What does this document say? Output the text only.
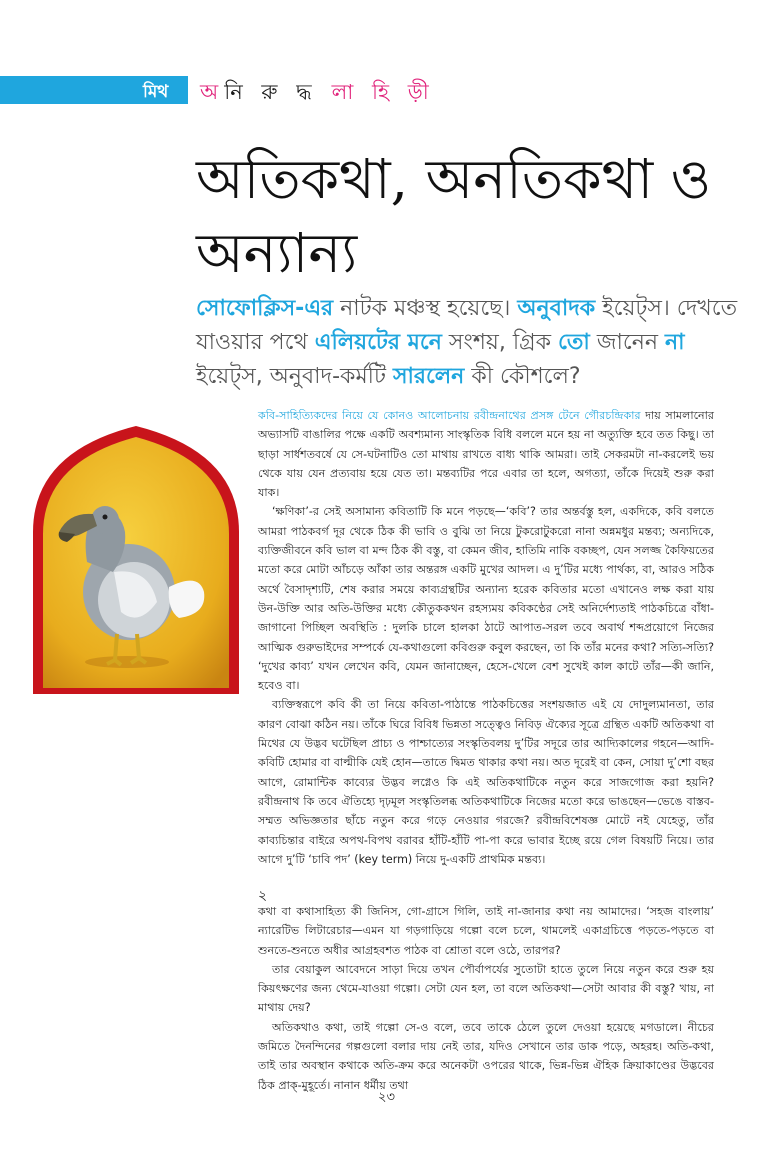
মিথ অনি রু দ্ধ লা হি ড়ী
অতিকথা, অনতিকথা ও অন্যান্য
সোফোক্লিস-এর নাটক মঞ্চস্থ হয়েছে। অনুবাদক ইয়েট্‌স। দেখতে যাওয়ার পথে এলিয়টের মনে সংশয়, গ্রিক তো জানেন না ইয়েট্‌স, অনুবাদ-কর্মটি সারলেন কী কৌশলে?

কবি-সাহিত্যিকদের নিয়ে যে কোনও আলোচনায় রবীন্দ্রনাথের প্রসঙ্গ টেনে গৌরচন্দ্রিকার দায় সামলানোর অভ্যাসটি বাঙালির পক্ষে একটি অবশ্যমান্য সাংস্কৃতিক বিধি বললে মনে হয় না অত্যুক্তি হবে তত কিছু। তা ছাড়া সার্ধশতবর্ষে যে সে-ঘটনাটিও তো মাথায় রাখতে বাধ্য থাকি আমরা। তাই সেকরমটা না-করলেই ভয় থেকে যায় যেন প্রত্যবায় হয়ে যেত তা। মন্তব্যটির পরে এবার তা হলে, অগত্যা, তাঁকে দিয়েই শুরু করা যাক।

‘ক্ষণিকা’-র সেই অসামান্য কবিতাটি কি মনে পড়ছে—‘কবি’? তার অন্তর্বস্তু হল, একদিকে, কবি বলতে আমরা পাঠকবর্গ দূর থেকে ঠিক কী ভাবি ও বুঝি তা নিয়ে টুকরোটুকরো নানা অন্নমধুর মন্তব্য; অন্যদিকে, ব্যক্তিজীবনে কবি ভাল বা মন্দ ঠিক কী বস্তু, বা কেমন জীব, হাতিমি নাকি বকচ্ছপ, যেন সলজ্জ কৈফিয়তের মতো করে মোটা আঁচড়ে আঁকা তার অন্তরঙ্গ একটি মুখের আদল। এ দু’টির মধ্যে পার্থক্য, বা, আরও সঠিক অর্থে বৈসাদৃশ্যটি, শেষ করার সময়ে কাব্যগ্রন্থটির অন্যান্য হরেক কবিতার মতো এখানেও লক্ষ করা যায় উন-উক্তি আর অতি-উক্তির মধ্যে কৌতুককথন রহস্যময় কবিকণ্ঠের সেই অনির্দেশ্যতাই পাঠকচিত্রে বাঁধা-জাগানো পিচ্ছিল অবস্থিতি : দুলকি চালে হালকা ঠাটে আপাত-সরল তবে অবার্থ শব্দপ্রয়োগে নিজের আত্মিক গুরুভাইদের সম্পর্কে যে-কথাগুলো কবিগুরু কবুল করছেন, তা কি তাঁর মনের কথা? সত্যি-সত্যি? ‘দুখের কাব্য’ যখন লেখেন কবি, যেমন জানাচ্ছেন, হেসে-খেলে বেশ সুখেই কাল কাটে তাঁর—কী জানি, হবেও বা।

ব্যক্তিস্বরূপে কবি কী তা নিয়ে কবিতা-পাঠান্তে পাঠকচিত্তের সংশয়জাত এই যে দোদুল্যমানতা, তার কারণ বোঝা কঠিন নয়। তাঁকে ঘিরে বিবিধ ভিন্নতা সত্ত্বেও নিবিড় ঐক্যের সূত্রে গ্রন্থিত একটি অতিকথা বা মিথের যে উদ্ভব ঘটেছিল প্রাচ্য ও পাশ্চাত্যের সংস্কৃতিবলয় দু’টির সদূরে তার আদ্যিকালের গহনে—আদি-কবিটি হোমার বা বাল্মীকি যেই হোন—তাতে দ্বিমত থাকার কথা নয়। অত দূরেই বা কেন, সোয়া দু’শো বছর আগে, রোমান্টিক কাব্যের উদ্ভব লগ্নেও কি এই অতিকথাটিকে নতুন করে সাজগোজ করা হয়নি? রবীন্দ্রনাথ কি তবে ঐতিহ্যে দৃঢ়মূল সংস্কৃতিলব্ধ অতিকথাটিকে নিজের মতো করে ভাঙছেন—ভেঙে বাস্তব-সম্মত অভিজ্ঞতার ছাঁচে নতুন করে গড়ে নেওয়ার গরজে? রবীন্দ্রবিশেষজ্ঞ মোটে নই যেহেতু, তাঁর কাব্যচিন্তার বাইরে অপথ-বিপথ বরাবর হাঁটি-হাঁটি পা-পা করে ভাবার ইচ্ছে রয়ে গেল বিষয়টি নিয়ে। তার আগে দু’টি ‘চাবি পদ’ (key term) নিয়ে দু-একটি প্রাথমিক মন্তব্য।

২

কথা বা কথাসাহিত্য কী জিনিস, গো-গ্রাসে গিলি, তাই না-জানার কথা নয় আমাদের। ‘সহজ বাংলায়’ ন্যারেটিভ লিটারেচার—এমন যা গড়গাড়িয়ে গল্পো বলে চলে, থামলেই একাগ্রচিত্তে পড়তে-পড়তে বা শুনতে-শুনতে অধীর আগ্রহবশত পাঠক বা শ্রোতা বলে ওঠে, তারপর?

তার বেয়াকুল আবেদনে সাড়া দিয়ে তখন পৌর্বাপর্যের সুতোটা হাতে তুলে নিয়ে নতুন করে শুরু হয় কিয়ৎক্ষণের জন্য থেমে-যাওয়া গল্পো। সেটা যেন হল, তা বলে অতিকথা—সেটা আবার কী বস্তু? খায়, না মাথায় দেয়?

অতিকথাও কথা, তাই গল্পো সে-ও বলে, তবে তাকে ঠেলে তুলে দেওয়া হয়েছে মগডালে। নীচের জমিতে দৈনন্দিনের গল্পগুলো বলার দায় নেই তার, যদিও সেখানে তার ডাক পড়ে, অহরহ। অতি-কথা, তাই তার অবস্থান কথাকে অতি-ক্রম করে অনেকটা ওপরের থাকে, ভিন্ন-ভিন্ন ঐহিক ক্রিয়াকাণ্ডের উদ্ভবের ঠিক প্রাক্‌-মুহূর্তে। নানান ধর্মীয় তথা

২৩
